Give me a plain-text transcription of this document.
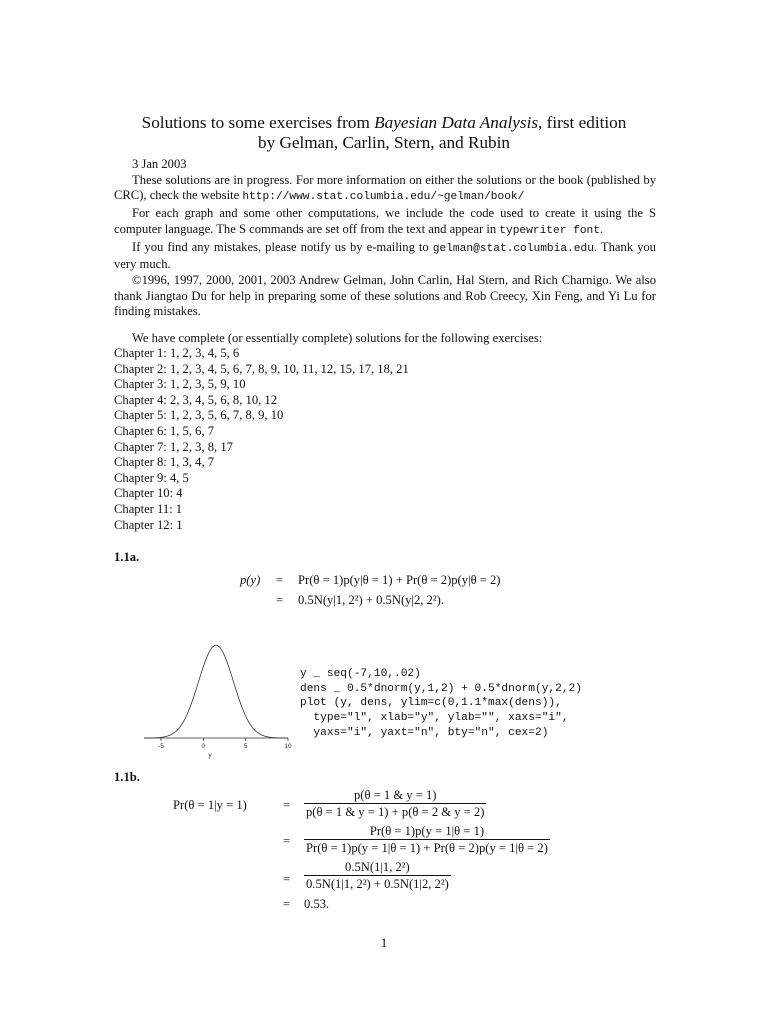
Solutions to some exercises from Bayesian Data Analysis, first edition
by Gelman, Carlin, Stern, and Rubin

3 Jan 2003

These solutions are in progress. For more information on either the solutions or the book (published by CRC), check the website http://www.stat.columbia.edu/~gelman/book/

For each graph and some other computations, we include the code used to create it using the S computer language. The S commands are set off from the text and appear in typewriter font.

If you find any mistakes, please notify us by e-mailing to gelman@stat.columbia.edu. Thank you very much.

©1996, 1997, 2000, 2001, 2003 Andrew Gelman, John Carlin, Hal Stern, and Rich Charnigo. We also thank Jiangtao Du for help in preparing some of these solutions and Rob Creecy, Xin Feng, and Yi Lu for finding mistakes.

We have complete (or essentially complete) solutions for the following exercises:

Chapter 1: 1, 2, 3, 4, 5, 6
Chapter 2: 1, 2, 3, 4, 5, 6, 7, 8, 9, 10, 11, 12, 15, 17, 18, 21
Chapter 3: 1, 2, 3, 5, 9, 10
Chapter 4: 2, 3, 4, 5, 6, 8, 10, 12
Chapter 5: 1, 2, 3, 5, 6, 7, 8, 9, 10
Chapter 6: 1, 5, 6, 7
Chapter 7: 1, 2, 3, 8, 17
Chapter 8: 1, 3, 4, 7
Chapter 9: 4, 5
Chapter 10: 4
Chapter 11: 1
Chapter 12: 1
1.1a.
p(y) = Pr(θ = 1)p(y|θ = 1) + Pr(θ = 2)p(y|θ = 2)
= 0.5N(y|1, 2²) + 0.5N(y|2, 2²).
-5	0	5	10
y

y _ seq(-7,10,.02)
dens _ 0.5*dnorm(y,1,2) + 0.5*dnorm(y,2,2)
plot (y, dens, ylim=c(0,1.1*max(dens)),
type="l", xlab="y", ylab="", xaxs="i",
yaxs="i", yaxt="n", bty="n", cex=2)
1.1b.
Pr(θ = 1|y = 1)	= $\frac{p(\theta = 1 \& y = 1)}{p(\theta = 1 \& y = 1) + p(\theta = 2 \& y = 2)}$
= $\frac{Pr(\theta = 1)p(y = 1|\theta = 1)}{Pr(\theta = 1)p(y = 1|\theta = 1) + Pr(\theta = 2)p(y = 1|\theta = 2)}$
= $\frac{\text{0.5N(1|1, 2²)}}{\text{0.5N(1|1, 2²) + 0.5N(1|2, 2²)}}$
= 0.53.
1
